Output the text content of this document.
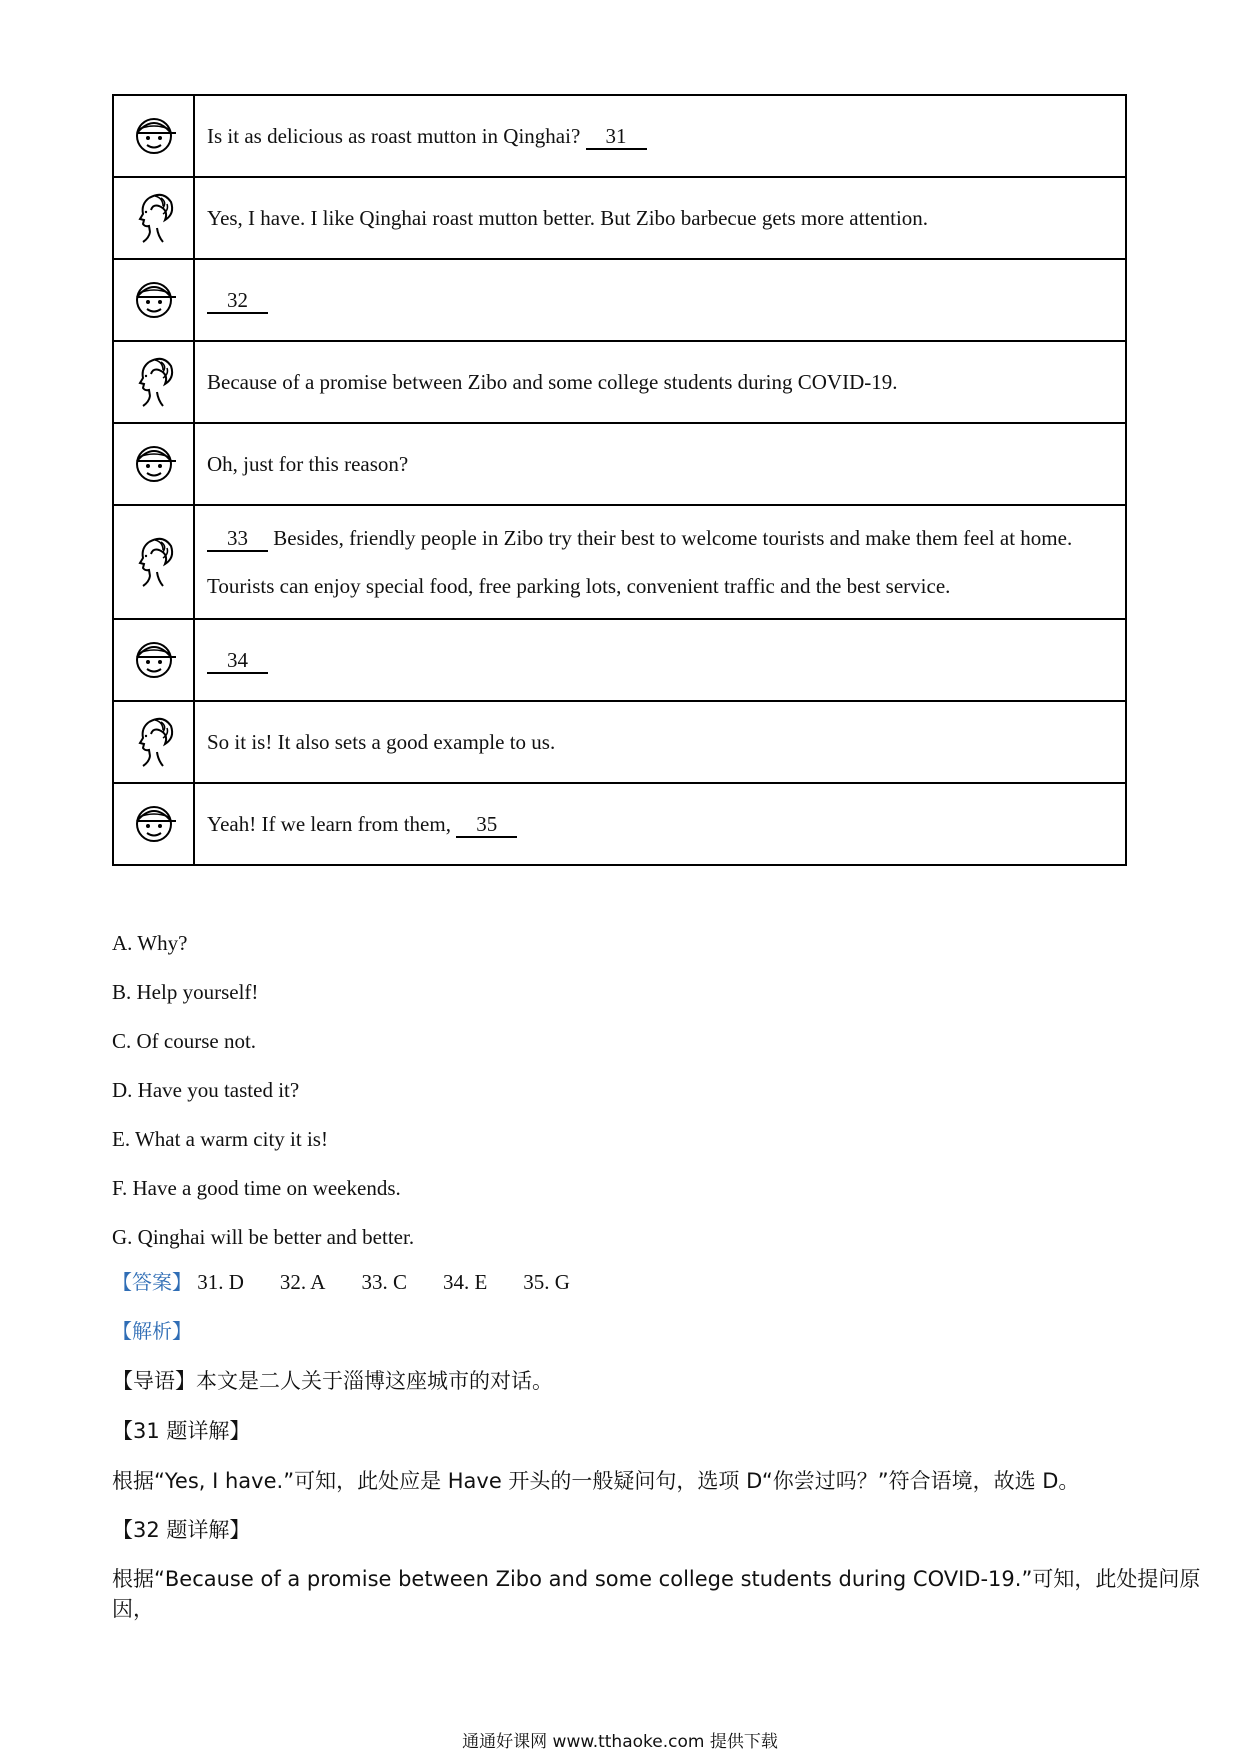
	Is it as delicious as roast mutton in Qinghai? 31
	Yes, I have. I like Qinghai roast mutton better. But Zibo barbecue gets more attention.
	32
	Because of a promise between Zibo and some college students during COVID-19.
	Oh, just for this reason?
	33 Besides, friendly people in Zibo try their best to welcome tourists and make them feel at home. Tourists can enjoy special food, free parking lots, convenient traffic and the best service.
	34
	So it is! It also sets a good example to us.
	Yeah! If we learn from them, 35
A. Why?
B. Help yourself!
C. Of course not.
D. Have you tasted it?
E. What a warm city it is!
F. Have a good time on weekends.
G. Qinghai will be better and better.
【答案】 31. D 32. A 33. C 34. E 35. G
【解析】
【导语】本文是二人关于淄博这座城市的对话。
【31 题详解】
根据“Yes, I have.”可知，此处应是 Have 开头的一般疑问句，选项 D“你尝过吗？”符合语境，故选 D。
【32 题详解】
根据“Because of a promise between Zibo and some college students during COVID-19.”可知，此处提问原因，
通通好课网 www.tthaoke.com 提供下载
